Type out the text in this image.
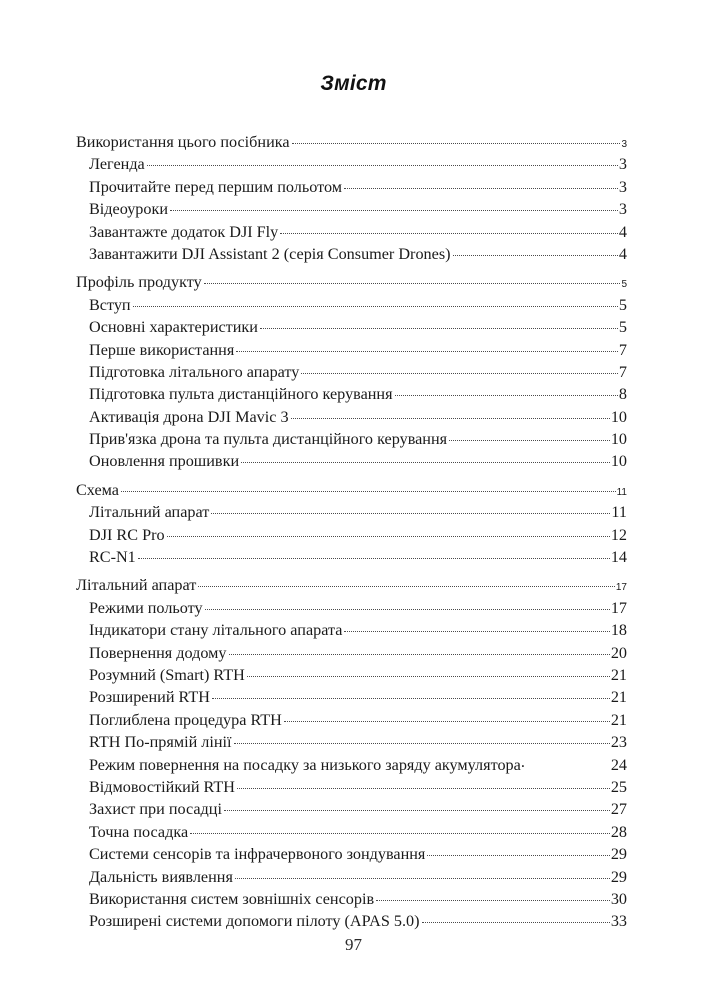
Зміст
Використання цього посібника	3
Легенда	3
Прочитайте перед першим польотом	3
Відеоуроки	3
Завантажте додаток DJI Fly	4
Завантажити DJI Assistant 2 (серія Consumer Drones)	4
Профіль продукту	5
Вступ	5
Основні характеристики	5
Перше використання	7
Підготовка літального апарату	7
Підготовка пульта дистанційного керування	8
Активація дрона DJI Mavic 3	10
Прив'язка дрона та пульта дистанційного керування	10
Оновлення прошивки	10
Схема	11
Літальний апарат	11
DJI RC Pro	12
RC-N1	14
Літальний апарат	17
Режими польоту	17
Індикатори стану літального апарата	18
Повернення додому	20
Розумний (Smart) RTH	21
Розширений RTH	21
Поглиблена процедура RTH	21
RTH По-прямій лінії	23
Режим повернення на посадку за низького заряду акумулятора	24
Відмовостійкий RTH	25
Захист при посадці	27
Точна посадка	28
Системи сенсорів та інфрачервоного зондування	29
Дальність виявлення	29
Використання систем зовнішніх сенсорів	30
Розширені системи допомоги пілоту (APAS 5.0)	33
97
